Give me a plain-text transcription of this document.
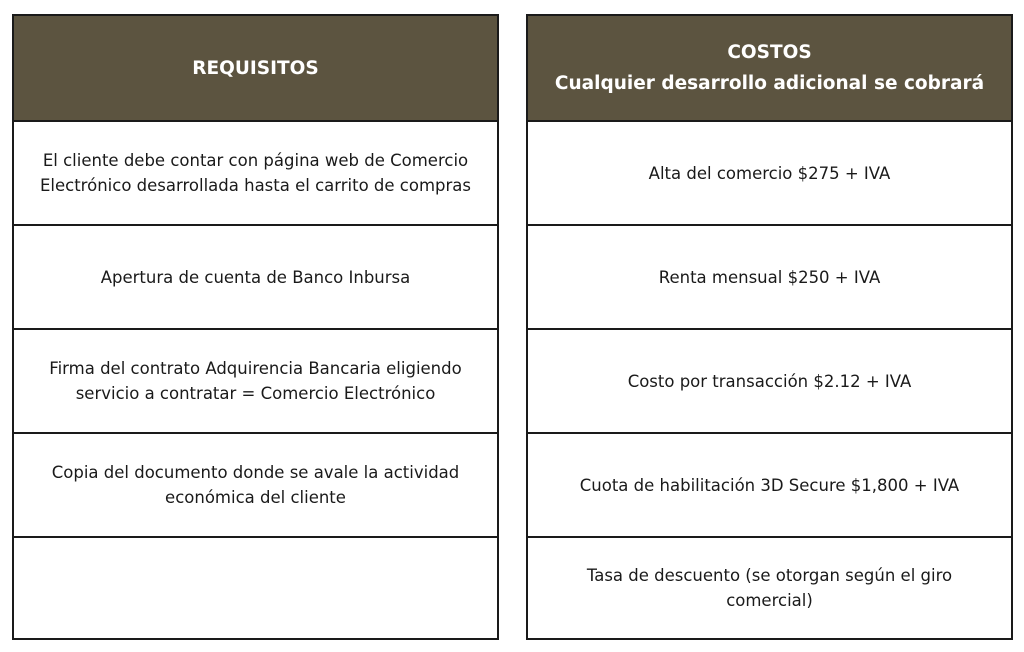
REQUISITOS
El cliente debe contar con página web de Comercio Electrónico desarrollada hasta el carrito de compras
Apertura de cuenta de Banco Inbursa
Firma del contrato Adquirencia Bancaria eligiendo servicio a contratar = Comercio Electrónico
Copia del documento donde se avale la actividad económica del cliente
COSTOS
Cualquier desarrollo adicional se cobrará
Alta del comercio $275 + IVA
Renta mensual $250 + IVA
Costo por transacción $2.12 + IVA
Cuota de habilitación 3D Secure $1,800 + IVA
Tasa de descuento (se otorgan según el giro comercial)
